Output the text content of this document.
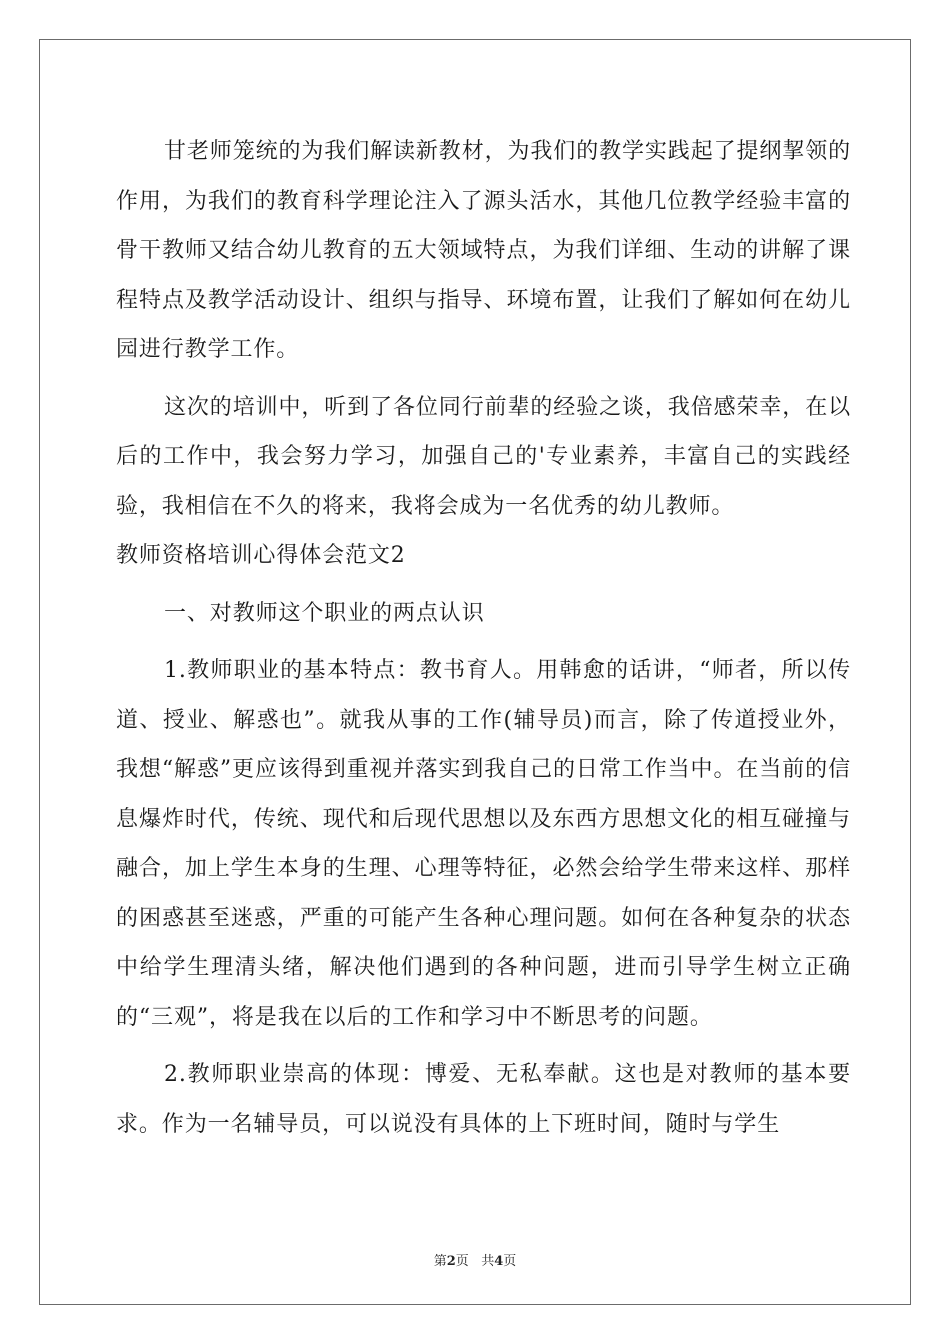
甘老师笼统的为我们解读新教材，为我们的教学实践起了提纲挈领的作用，为我们的教育科学理论注入了源头活水，其他几位教学经验丰富的骨干教师又结合幼儿教育的五大领域特点，为我们详细、生动的讲解了课程特点及教学活动设计、组织与指导、环境布置，让我们了解如何在幼儿园进行教学工作。

这次的培训中，听到了各位同行前辈的经验之谈，我倍感荣幸，在以后的工作中，我会努力学习，加强自己的'专业素养，丰富自己的实践经验，我相信在不久的将来，我将会成为一名优秀的幼儿教师。

教师资格培训心得体会范文2

一、对教师这个职业的两点认识

1.教师职业的基本特点：教书育人。用韩愈的话讲，“师者，所以传道、授业、解惑也”。就我从事的工作(辅导员)而言，除了传道授业外，我想“解惑”更应该得到重视并落实到我自己的日常工作当中。在当前的信息爆炸时代，传统、现代和后现代思想以及东西方思想文化的相互碰撞与融合，加上学生本身的生理、心理等特征，必然会给学生带来这样、那样的困惑甚至迷惑，严重的可能产生各种心理问题。如何在各种复杂的状态中给学生理清头绪，解决他们遇到的各种问题，进而引导学生树立正确的“三观”，将是我在以后的工作和学习中不断思考的问题。

2.教师职业崇高的体现：博爱、无私奉献。这也是对教师的基本要求。作为一名辅导员，可以说没有具体的上下班时间，随时与学生

第2页 共4页
